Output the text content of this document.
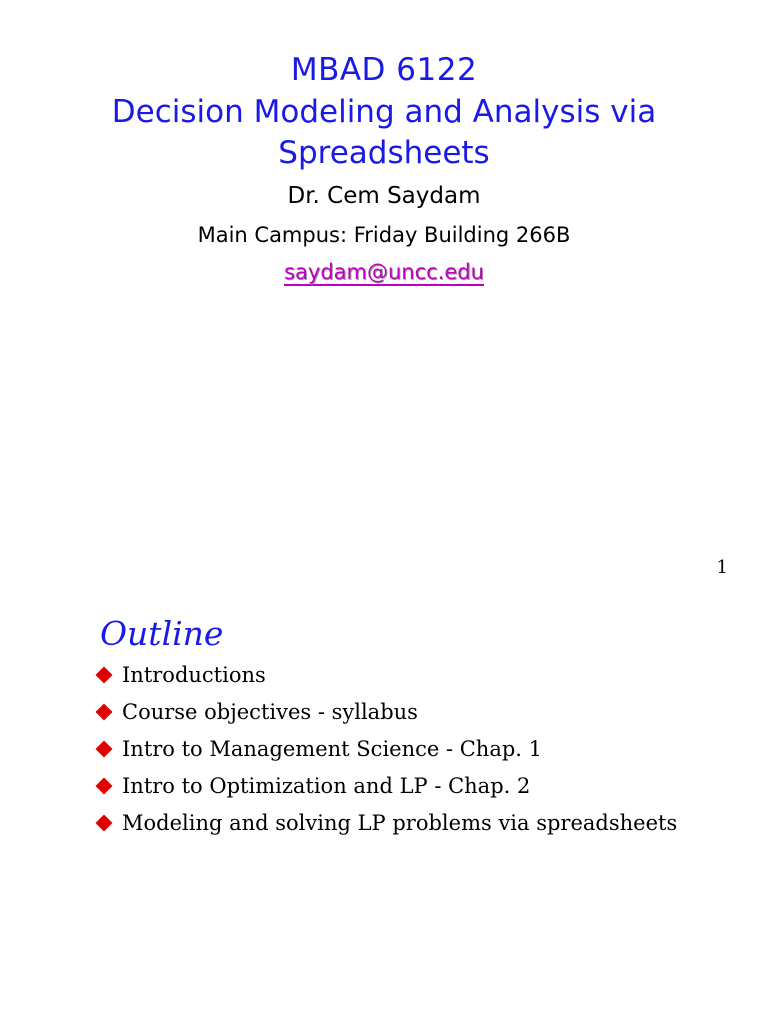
MBAD 6122
Decision Modeling and Analysis via Spreadsheets
Dr. Cem Saydam
Main Campus: Friday Building 266B
saydam@uncc.edu
1
Outline
Introductions
Course objectives - syllabus
Intro to Management Science - Chap. 1
Intro to Optimization and LP - Chap. 2
Modeling and solving LP problems via spreadsheets
